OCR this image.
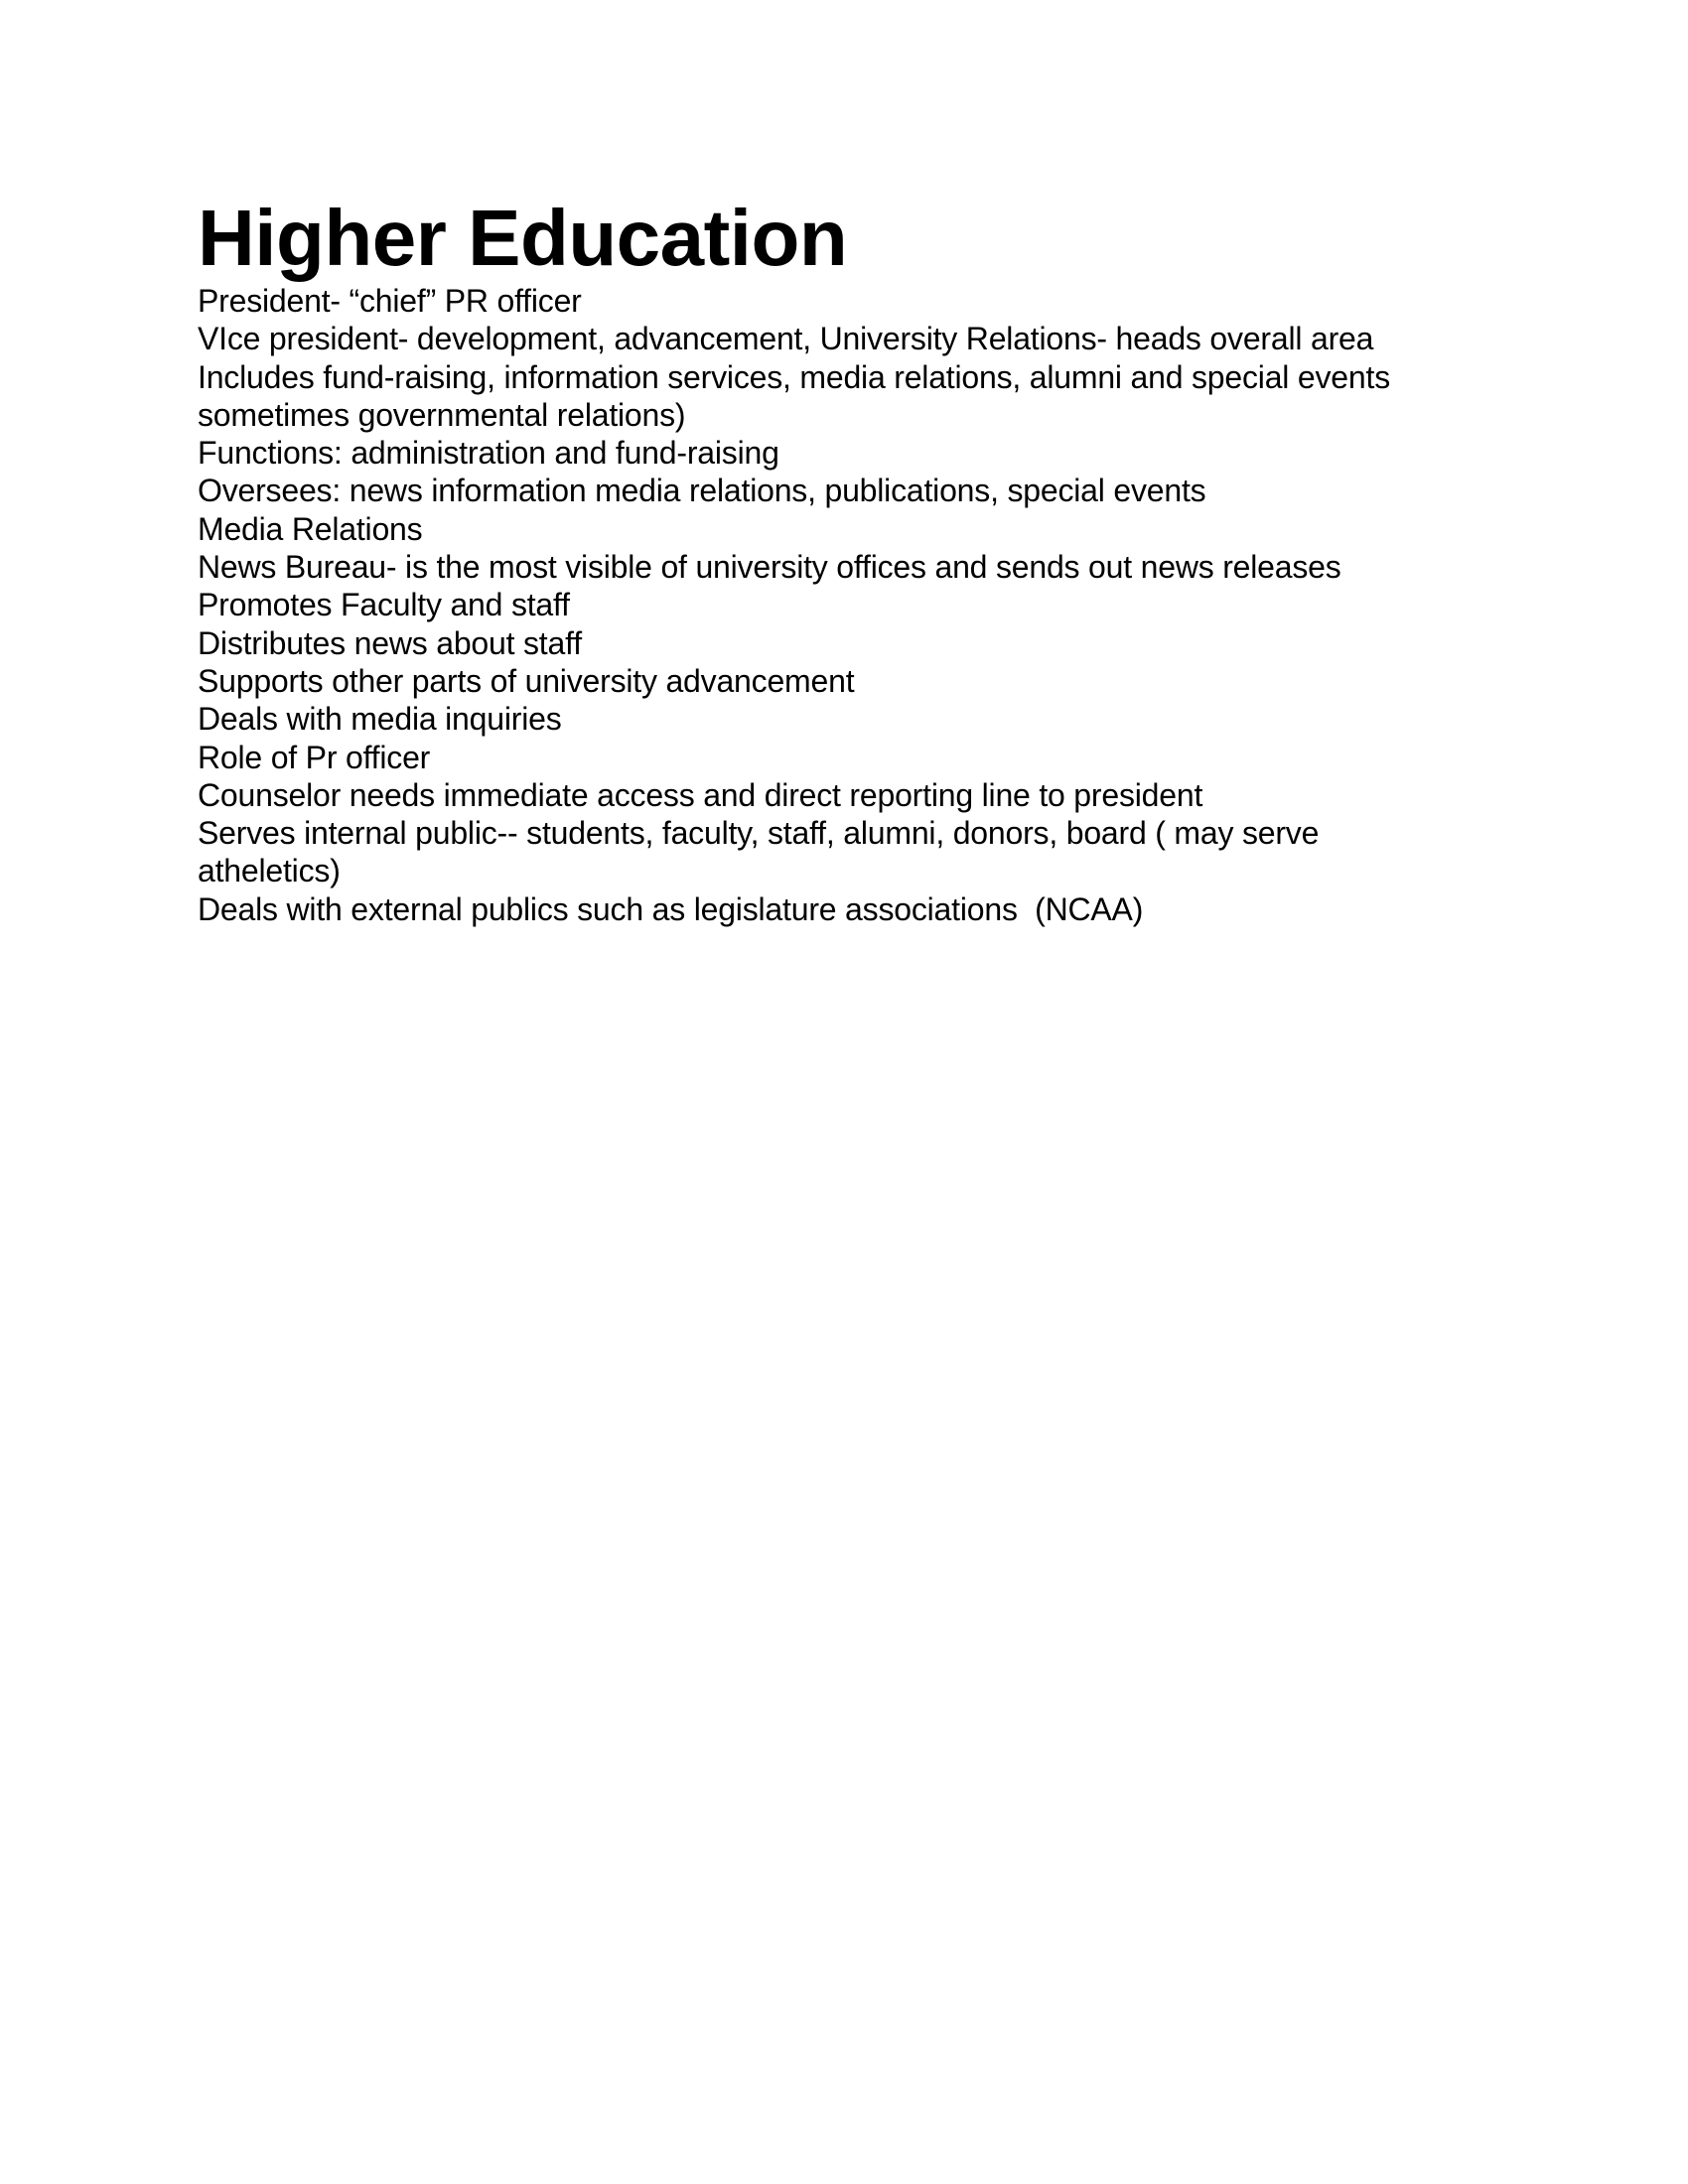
Higher Education
President- “chief” PR officer
VIce president- development, advancement, University Relations- heads overall area
Includes fund-raising, information services, media relations, alumni and special events
sometimes governmental relations)
Functions: administration and fund-raising
Oversees: news information media relations, publications, special events
Media Relations
News Bureau- is the most visible of university offices and sends out news releases
Promotes Faculty and staff
Distributes news about staff
Supports other parts of university advancement
Deals with media inquiries
Role of Pr officer
Counselor needs immediate access and direct reporting line to president
Serves internal public-- students, faculty, staff, alumni, donors, board ( may serve
atheletics)
Deals with external publics such as legislature associations  (NCAA)
